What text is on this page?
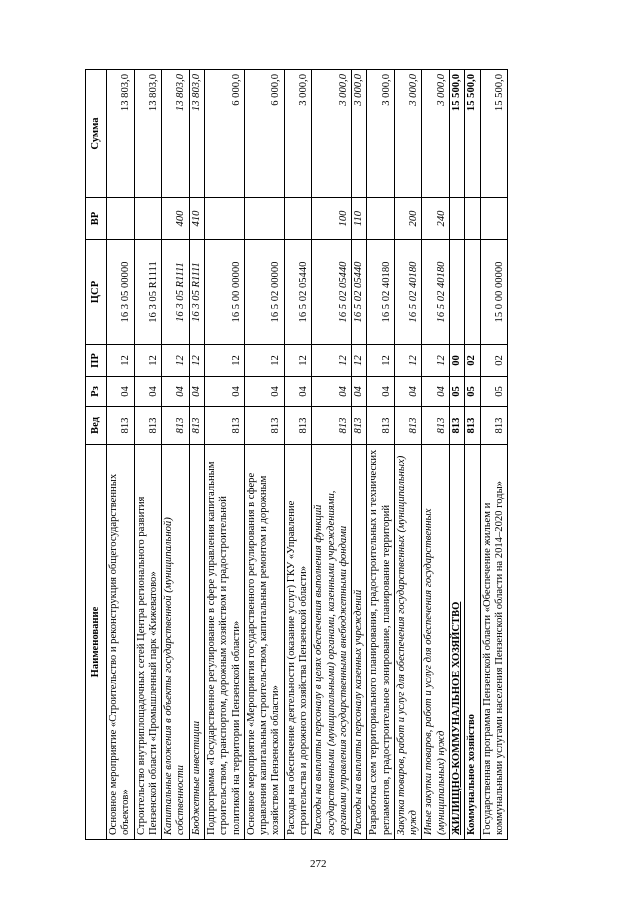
272
Наименование	Вед	Рз	ПР	ЦСР	ВР	Сумма
Основное мероприятие «Строительство и реконструкция общегосударственных объектов»	813	04	12	16 3 05 00000		13 803,0
Строительство внутриплощадочных сетей Центра регионального развития Пензенской области «Промышленный парк «Кижеватово»	813	04	12	16 3 05 R1111		13 803,0
Капитальные вложения в объекты государственной (муниципальной) собственности	813	04	12	16 3 05 R1111	400	13 803,0
Бюджетные инвестиции	813	04	12	16 3 05 R1111	410	13 803,0
Подпрограмма «Государственное регулирование в сфере управления капитальным строительством, транспортом, дорожным хозяйством и градостроительной политикой на территории Пензенской области»	813	04	12	16 5 00 00000		6 000,0
Основное мероприятие «Мероприятия государственного регулирования в сфере управления капитальным строительством, капитальным ремонтом и дорожным хозяйством Пензенской области»	813	04	12	16 5 02 00000		6 000,0
Расходы на обеспечение деятельности (оказание услуг) ГКУ «Управление строительства и дорожного хозяйства Пензенской области»	813	04	12	16 5 02 05440		3 000,0
Расходы на выплаты персоналу в целях обеспечения выполнения функций государственными (муниципальными) органами, казенными учреждениями, органами управления государственными внебюджетными фондами	813	04	12	16 5 02 05440	100	3 000,0
Расходы на выплаты персоналу казенных учреждений	813	04	12	16 5 02 05440	110	3 000,0
Разработка схем территориального планирования, градостроительных и технических регламентов, градостроительное зонирование, планирование территорий	813	04	12	16 5 02 40180		3 000,0
Закупка товаров, работ и услуг для обеспечения государственных (муниципальных) нужд	813	04	12	16 5 02 40180	200	3 000,0
Иные закупки товаров, работ и услуг для обеспечения государственных (муниципальных) нужд	813	04	12	16 5 02 40180	240	3 000,0
ЖИЛИЩНО-КОММУНАЛЬНОЕ ХОЗЯЙСТВО	813	05	00			15 500,0
Коммунальное хозяйство	813	05	02			15 500,0
Государственная программа Пензенской области «Обеспечение жильем и коммунальными услугами населения Пензенской области на 2014–2020 годы»	813	05	02	15 0 00 00000		15 500,0
